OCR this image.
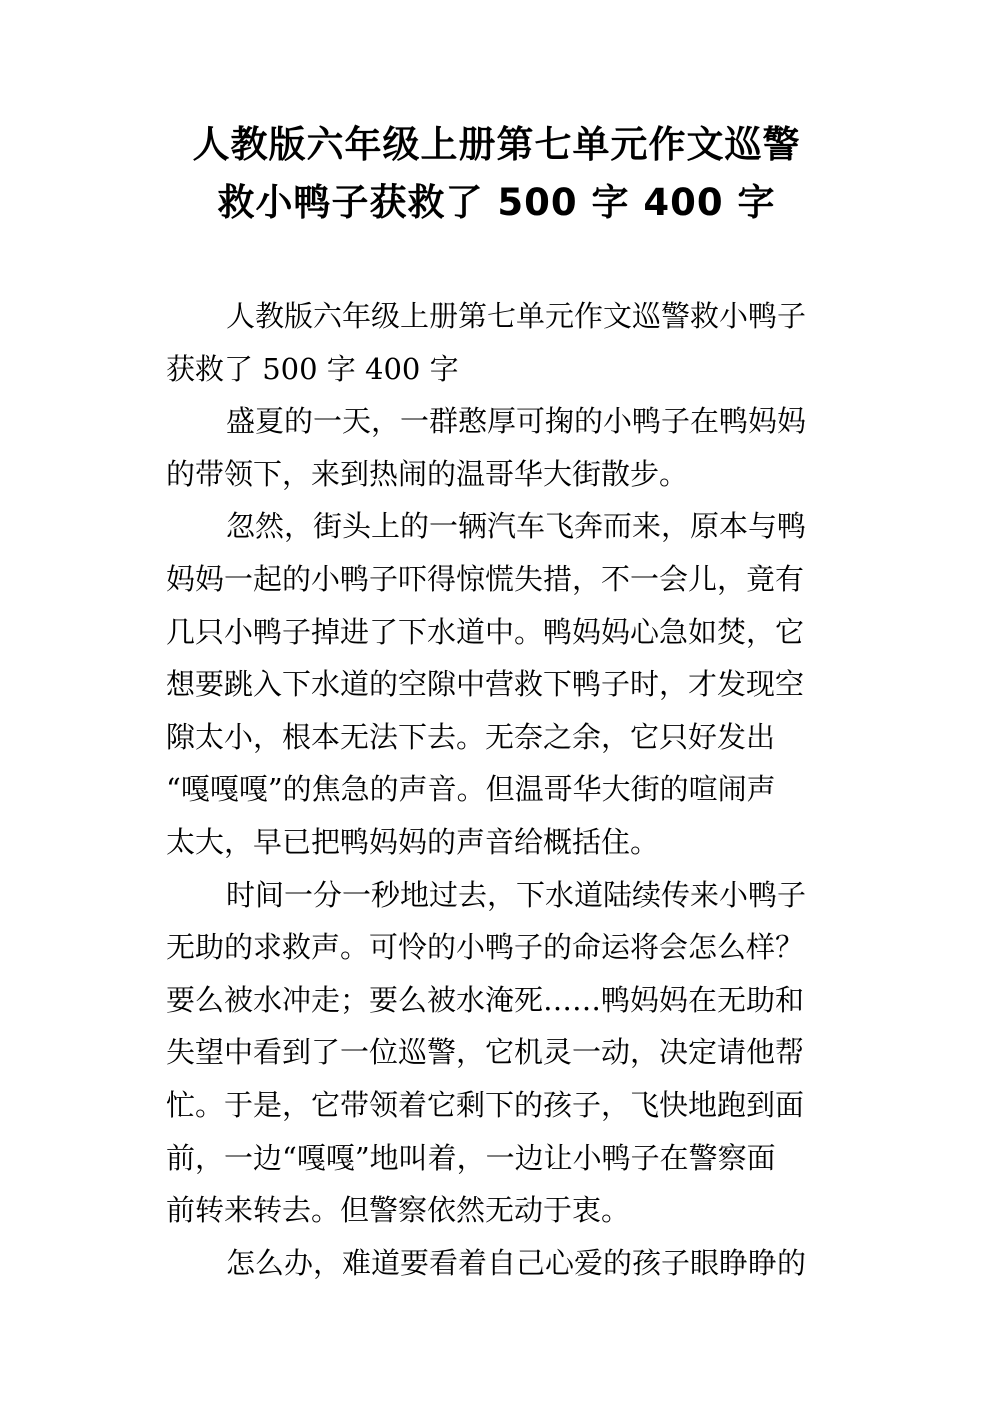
人教版六年级上册第七单元作文巡警
救小鸭子获救了 500 字 400 字
人教版六年级上册第七单元作文巡警救小鸭子
获救了 500 字 400 字
盛夏的一天，一群憨厚可掬的小鸭子在鸭妈妈
的带领下，来到热闹的温哥华大街散步。
忽然，街头上的一辆汽车飞奔而来，原本与鸭
妈妈一起的小鸭子吓得惊慌失措，不一会儿，竟有
几只小鸭子掉进了下水道中。鸭妈妈心急如焚，它
想要跳入下水道的空隙中营救下鸭子时，才发现空
隙太小，根本无法下去。无奈之余，它只好发出
“嘎嘎嘎”的焦急的声音。但温哥华大街的喧闹声
太大，早已把鸭妈妈的声音给概括住。
时间一分一秒地过去，下水道陆续传来小鸭子
无助的求救声。可怜的小鸭子的命运将会怎么样？
要么被水冲走；要么被水淹死……鸭妈妈在无助和
失望中看到了一位巡警，它机灵一动，决定请他帮
忙。于是，它带领着它剩下的孩子，飞快地跑到面
前，一边“嘎嘎”地叫着，一边让小鸭子在警察面
前转来转去。但警察依然无动于衷。
怎么办，难道要看着自己心爱的孩子眼睁睁的
